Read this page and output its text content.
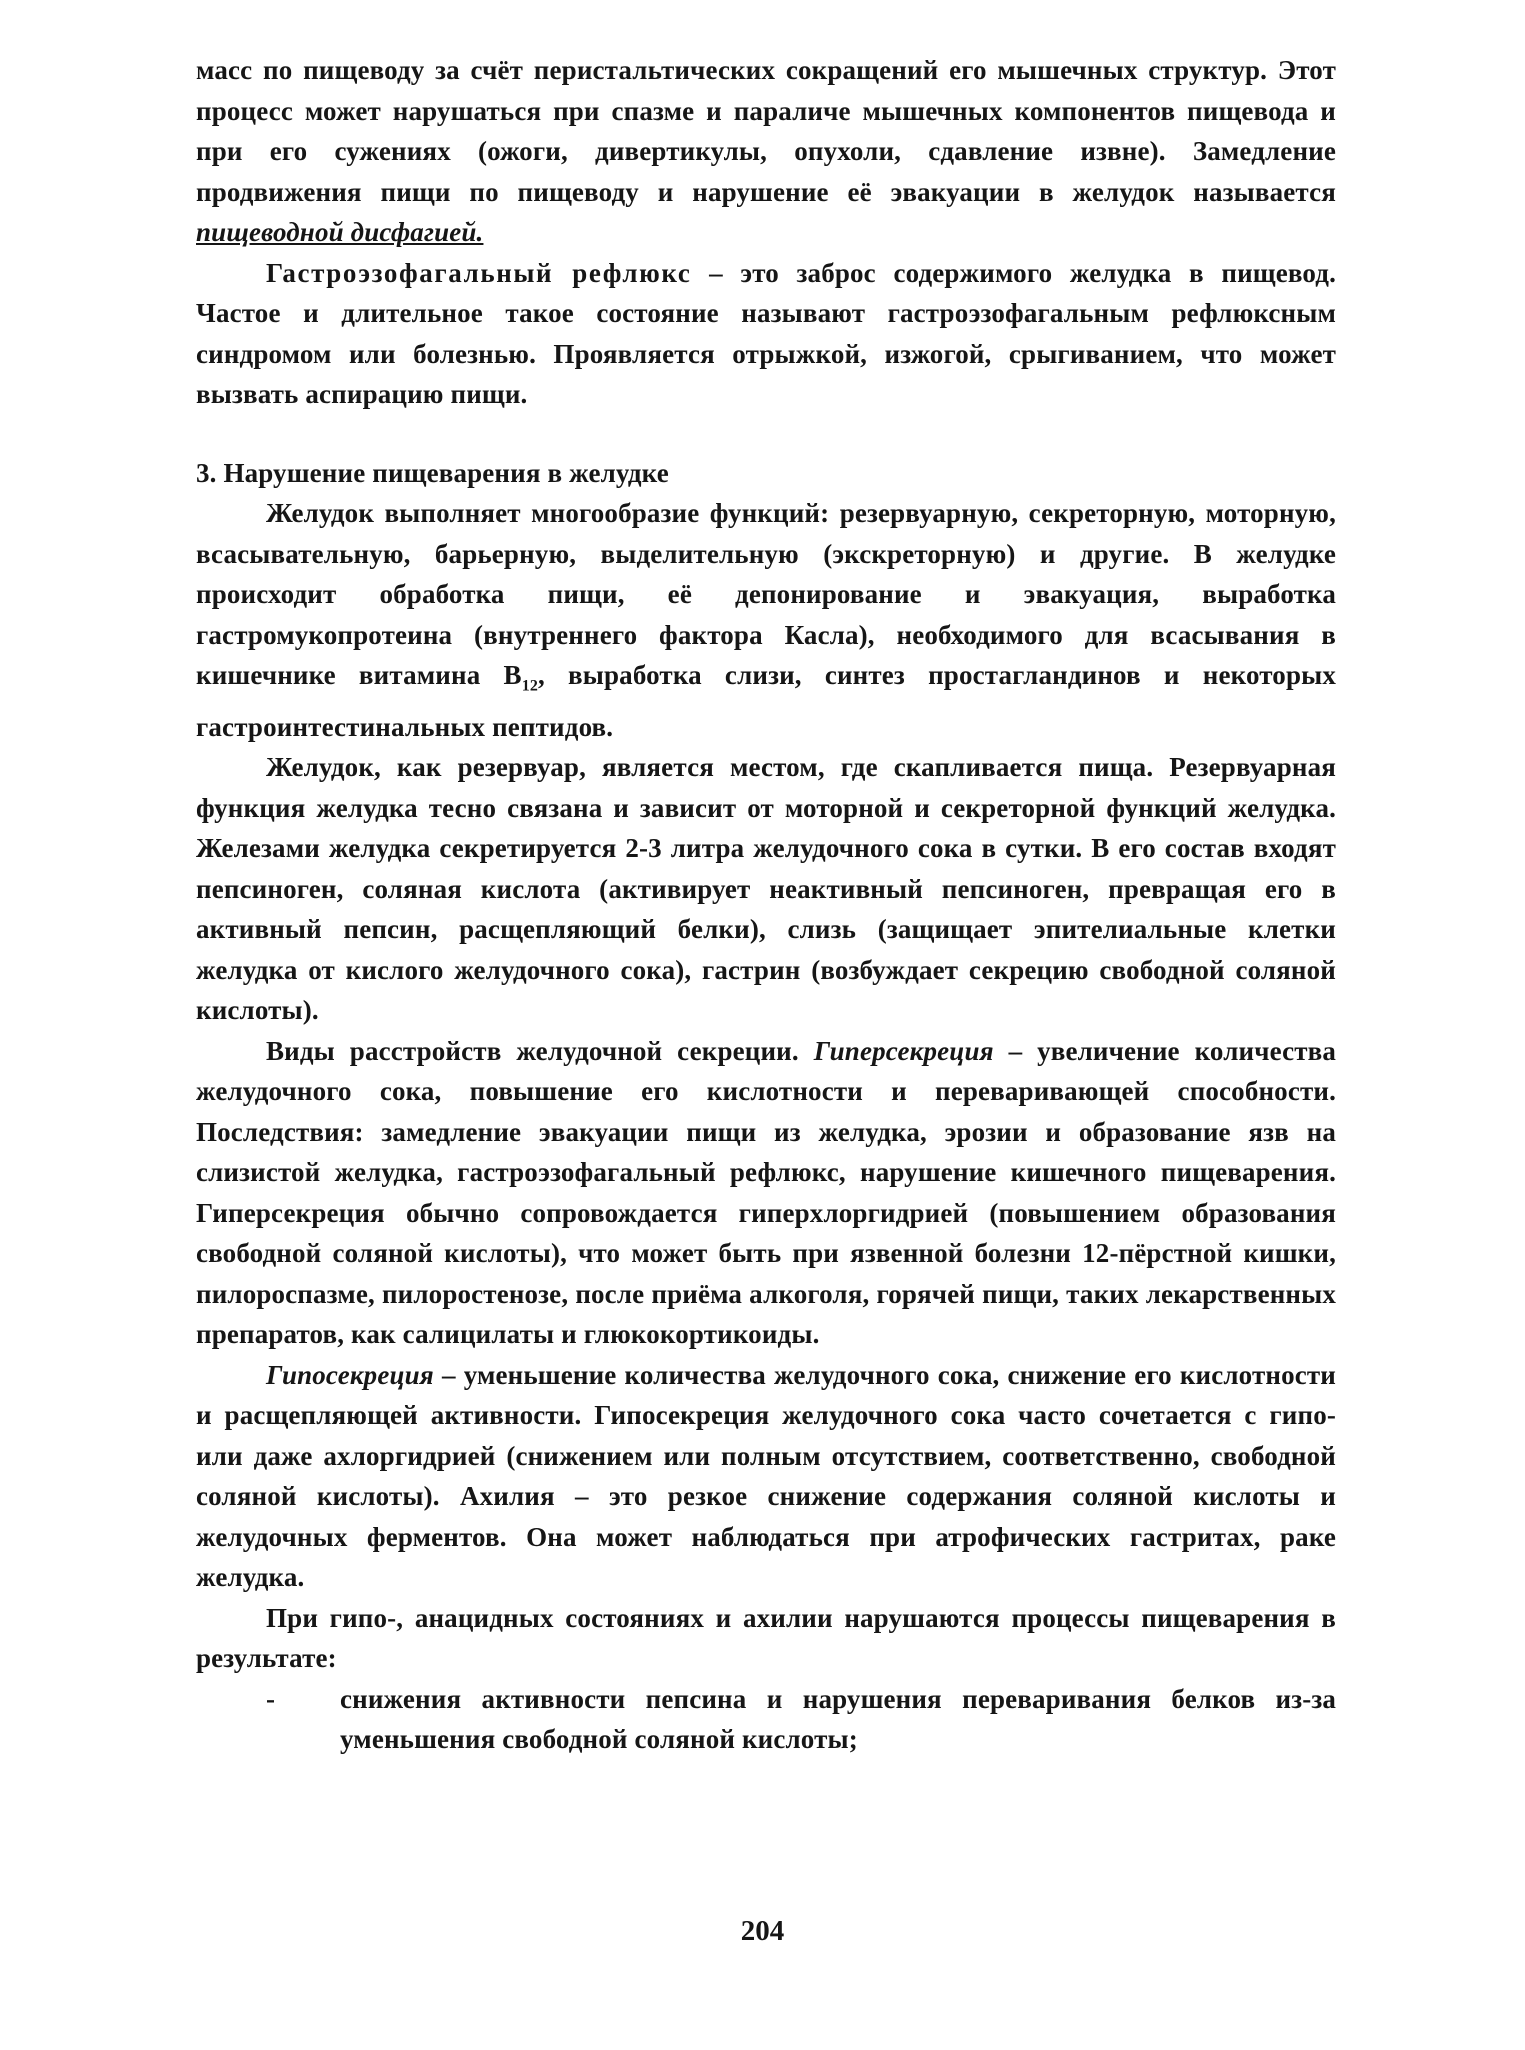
масс по пищеводу за счёт перистальтических сокращений его мышечных структур. Этот процесс может нарушаться при спазме и параличе мышечных компонентов пищевода и при его сужениях (ожоги, дивертикулы, опухоли, сдавление извне). Замедление продвижения пищи по пищеводу и нарушение её эвакуации в желудок называется пищеводной дисфагией.

Гастроэзофагальный рефлюкс – это заброс содержимого желудка в пищевод. Частое и длительное такое состояние называют гастроэзофагальным рефлюксным синдромом или болезнью. Проявляется отрыжкой, изжогой, срыгиванием, что может вызвать аспирацию пищи.

3. Нарушение пищеварения в желудке

Желудок выполняет многообразие функций: резервуарную, секреторную, моторную, всасывательную, барьерную, выделительную (экскреторную) и другие. В желудке происходит обработка пищи, её депонирование и эвакуация, выработка гастромукопротеина (внутреннего фактора Касла), необходимого для всасывания в кишечнике витамина $В_{12}$, выработка слизи, синтез простагландинов и некоторых гастроинтестинальных пептидов.

Желудок, как резервуар, является местом, где скапливается пища. Резервуарная функция желудка тесно связана и зависит от моторной и секреторной функций желудка. Железами желудка секретируется 2-3 литра желудочного сока в сутки. В его состав входят пепсиноген, соляная кислота (активирует неактивный пепсиноген, превращая его в активный пепсин, расщепляющий белки), слизь (защищает эпителиальные клетки желудка от кислого желудочного сока), гастрин (возбуждает секрецию свободной соляной кислоты).

Виды расстройств желудочной секреции. Гиперсекреция – увеличение количества желудочного сока, повышение его кислотности и переваривающей способности. Последствия: замедление эвакуации пищи из желудка, эрозии и образование язв на слизистой желудка, гастроэзофагальный рефлюкс, нарушение кишечного пищеварения. Гиперсекреция обычно сопровождается гиперхлоргидрией (повышением образования свободной соляной кислоты), что может быть при язвенной болезни 12-пёрстной кишки, пилороспазме, пилоростенозе, после приёма алкоголя, горячей пищи, таких лекарственных препаратов, как салицилаты и глюкокортикоиды.

Гипосекреция – уменьшение количества желудочного сока, снижение его кислотности и расщепляющей активности. Гипосекреция желудочного сока часто сочетается с гипо- или даже ахлоргидрией (снижением или полным отсутствием, соответственно, свободной соляной кислоты). Ахилия – это резкое снижение содержания соляной кислоты и желудочных ферментов. Она может наблюдаться при атрофических гастритах, раке желудка.

При гипо-, анацидных состояниях и ахилии нарушаются процессы пищеварения в результате:

- снижения активности пепсина и нарушения переваривания белков из-за уменьшения свободной соляной кислоты;

204
